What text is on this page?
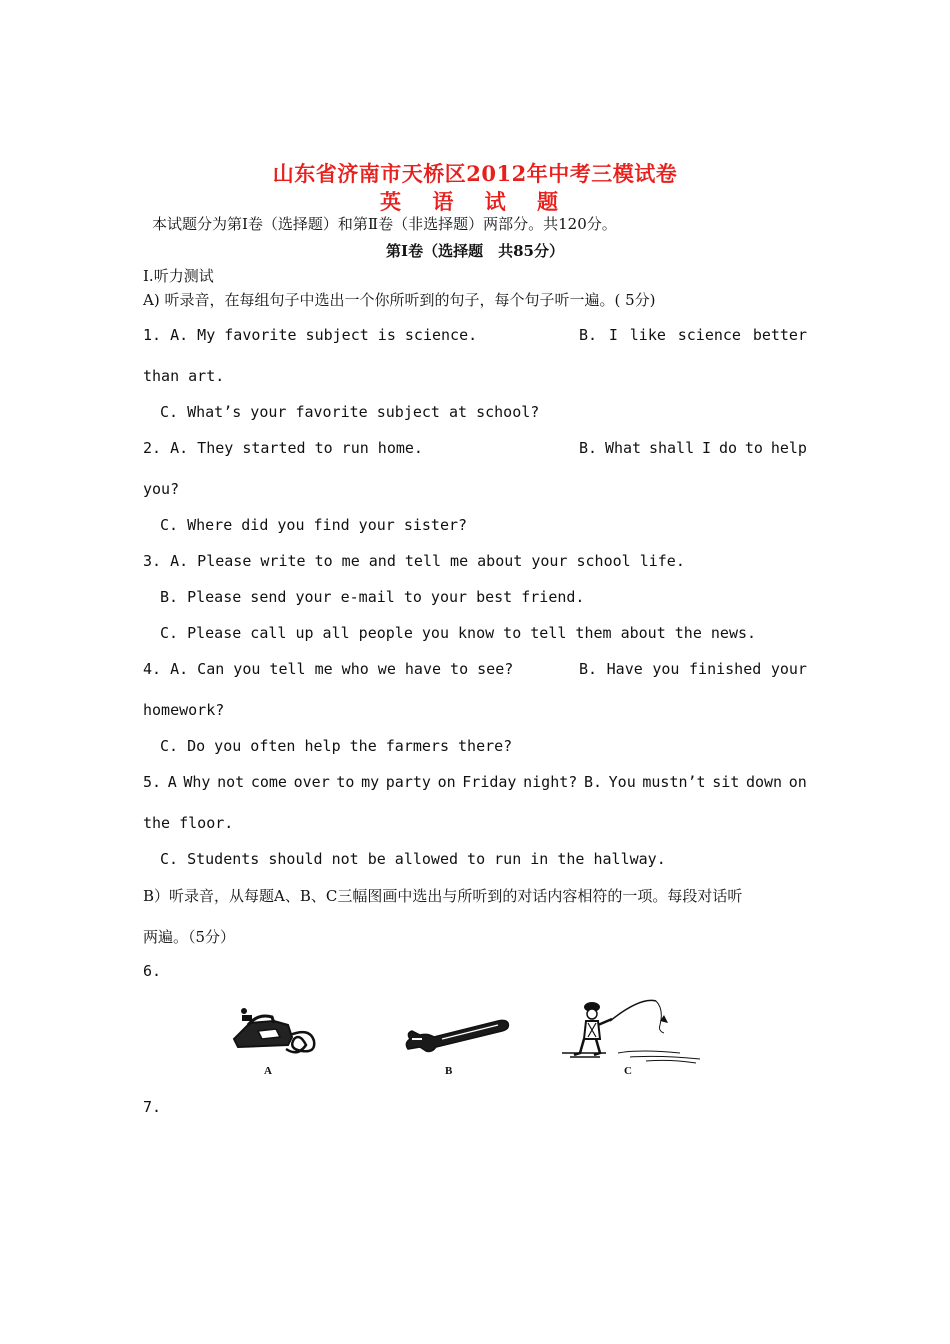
山东省济南市天桥区2012年中考三模试卷
英 语 试 题
本试题分为第Ⅰ卷（选择题）和第Ⅱ卷（非选择题）两部分。共120分。
第Ⅰ卷（选择题　共85分）
Ⅰ.听力测试
A) 听录音，在每组句子中选出一个你所听到的句子，每个句子听一遍。( 5分)
1. A. My favorite subject is science.	B. I like science better
than art.
C. What’s your favorite subject at school?
2. A. They started to run home.	B. What shall I do to help
you?
C. Where did you find your sister?
3. A. Please write to me and tell me about your school life.
B. Please send your e-mail to your best friend.
C. Please call up all people you know to tell them about the news.
4. A. Can you tell me who we have to see?	B. Have you finished your
homework?
C. Do you often help the farmers there?
5. A Why not come over to my party on Friday night? B. You mustn’t sit down on
the floor.
C. Students should not be allowed to run in the hallway.
B）听录音，从每题A、B、C三幅图画中选出与所听到的对话内容相符的一项。每段对话听
两遍。（5分）
6.
A	B	C
7.
